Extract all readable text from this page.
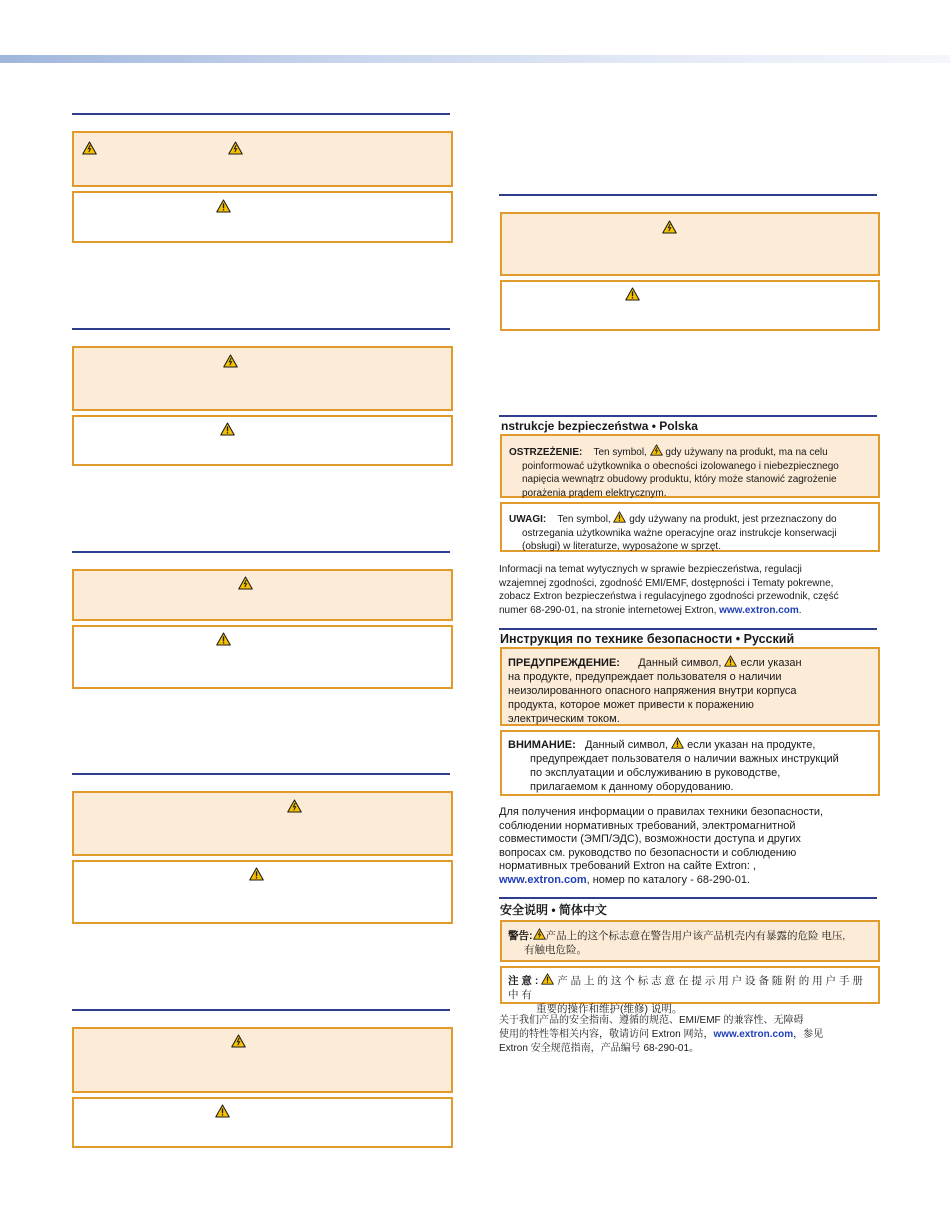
nstrukcje bezpieczeństwa • Polska
OSTRZEŻENIE: Ten symbol, gdy używany na produkt, ma na celu
poinformować użytkownika o obecności izolowanego i niebezpiecznego
napięcia wewnątrz obudowy produktu, który może stanowić zagrożenie
porażenia prądem elektrycznym.
UWAGI: Ten symbol, gdy używany na produkt, jest przeznaczony do
ostrzegania użytkownika ważne operacyjne oraz instrukcje konserwacji
(obsługi) w literaturze, wyposażone w sprzęt.
Informacji na temat wytycznych w sprawie bezpieczeństwa, regulacji
wzajemnej zgodności, zgodność EMI/EMF, dostępności i Tematy pokrewne,
zobacz Extron bezpieczeństwa i regulacyjnego zgodności przewodnik, część
numer 68-290-01, na stronie internetowej Extron, www.extron.com.
Инструкция по технике безопасности • Русский
ПРЕДУПРЕЖДЕНИЕ: Данный символ, если указан
на продукте, предупреждает пользователя о наличии
неизолированного опасного напряжения внутри корпуса
продукта, которое может привести к поражению
электрическим током.
ВНИМАНИЕ: Данный символ, если указан на продукте,
предупреждает пользователя о наличии важных инструкций
по эксплуатации и обслуживанию в руководстве,
прилагаемом к данному оборудованию.
Для получения информации о правилах техники безопасности,
соблюдении нормативных требований, электромагнитной
совместимости (ЭМП/ЭДС), возможности доступа и других
вопросах см. руководство по безопасности и соблюдению
нормативных требований Extron на сайте Extron: ,
www.extron.com, номер по каталогу - 68-290-01.
安全说明 • 简体中文
警告: 产品上的这个标志意在警告用户该产品机壳内有暴露的危险 电压,
有触电危险。
注 意 : 产 品 上 的 这 个 标 志 意 在 提 示 用 户 设 备 随 附 的 用 户 手 册 中 有
重要的操作和维护(维修) 说明。
关于我们产品的安全指南、遵循的规范、EMI/EMF 的兼容性、无障碍
使用的特性等相关内容，敬请访问 Extron 网站，www.extron.com，参见
Extron 安全规范指南，产品编号 68-290-01。
